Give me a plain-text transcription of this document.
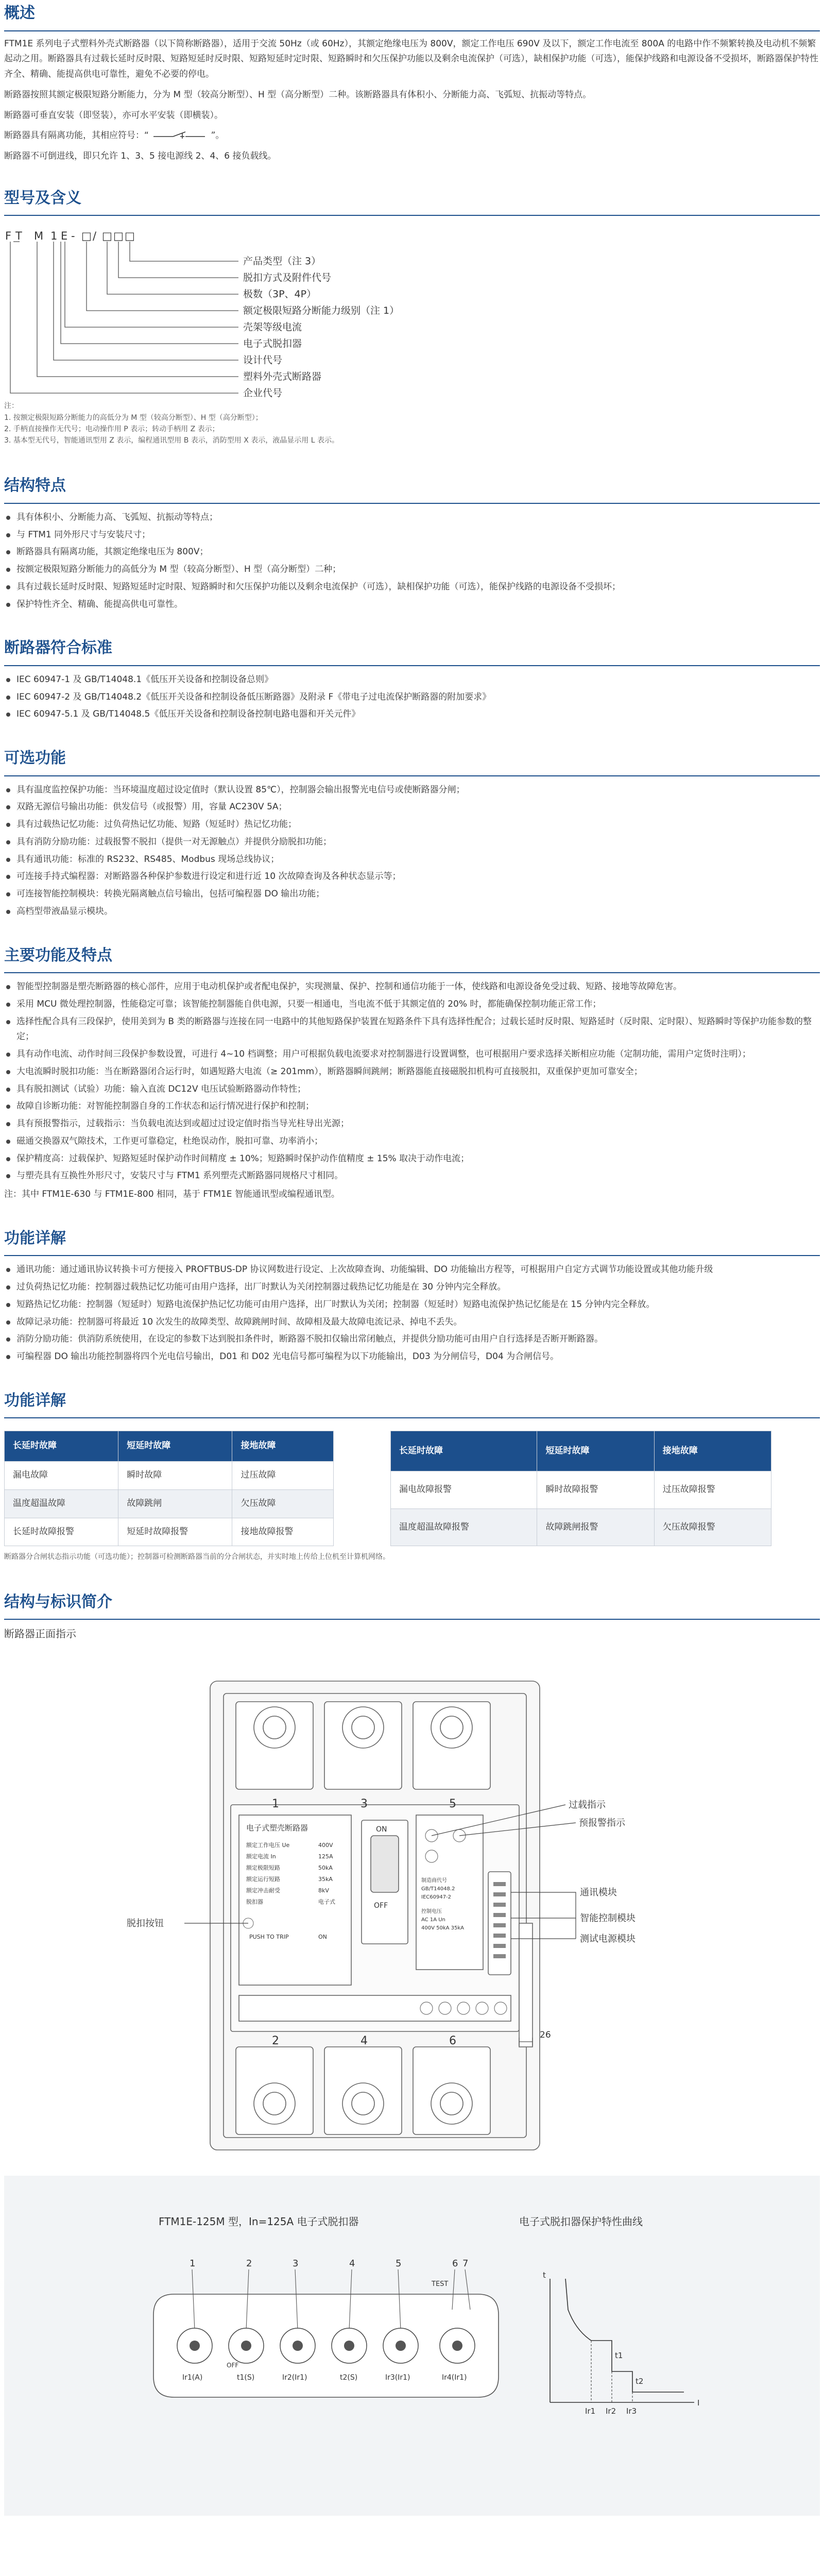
概述

FTM1E 系列电子式塑料外壳式断路器（以下简称断路器），适用于交流 50Hz（或 60Hz），其额定绝缘电压为 800V，额定工作电压 690V 及以下，额定工作电流至 800A 的电路中作不频繁转换及电动机不频繁起动之用。断路器具有过载长延时反时限、短路短延时反时限、短路短延时定时限、短路瞬时和欠压保护功能以及剩余电流保护（可选），缺相保护功能（可选），能保护线路和电源设备不受损坏，断路器保护特性齐全、精确、能提高供电可靠性，避免不必要的停电。

断路器按照其额定极限短路分断能力，分为 M 型（较高分断型）、H 型（高分断型）二种。该断路器具有体积小、分断能力高、飞弧短、抗振动等特点。

断路器可垂直安装（即竖装），亦可水平安装（即横装）。

断路器具有隔离功能，其相应符号：“	”。

断路器不可倒进线，即只允许 1、3、5 接电源线 2、4、6 接负载线。

型号及含义
F T M 1 E - □ / □ □ □
产品类型（注 3）
脱扣方式及附件代号
极数（3P、4P）
额定极限短路分断能力级别（注 1）
壳架等级电流
电子式脱扣器
设计代号
塑料外壳式断路器
企业代号
注：
1. 按额定极限短路分断能力的高低分为 M 型（较高分断型）、H 型（高分断型）；
2. 手柄直接操作无代号；电动操作用 P 表示；转动手柄用 Z 表示；
3. 基本型无代号，智能通讯型用 Z 表示，编程通讯型用 B 表示，消防型用 X 表示，液晶显示用 L 表示。
结构特点
具有体积小、分断能力高、飞弧短、抗振动等特点；
与 FTM1 同外形尺寸与安装尺寸；
断路器具有隔离功能，其额定绝缘电压为 800V；
按额定极限短路分断能力的高低分为 M 型（较高分断型）、H 型（高分断型）二种；
具有过载长延时反时限、短路短延时定时限、短路瞬时和欠压保护功能以及剩余电流保护（可选），缺相保护功能（可选），能保护线路的电源设备不受损坏；
保护特性齐全、精确、能提高供电可靠性。
断路器符合标准
IEC 60947-1 及 GB/T14048.1《低压开关设备和控制设备总则》
IEC 60947-2 及 GB/T14048.2《低压开关设备和控制设备低压断路器》及附录 F《带电子过电流保护断路器的附加要求》
IEC 60947-5.1 及 GB/T14048.5《低压开关设备和控制设备控制电路电器和开关元件》
可选功能
具有温度监控保护功能：当环境温度超过设定值时（默认设置 85℃），控制器会输出报警光电信号或使断路器分闸；
双路无源信号输出功能：供发信号（或报警）用，容量 AC230V 5A；
具有过载热记忆功能：过负荷热记忆功能、短路（短延时）热记忆功能；
具有消防分励功能：过载报警不脱扣（提供一对无源触点）并提供分励脱扣功能；
具有通讯功能：标准的 RS232、RS485、Modbus 现场总线协议；
可连接手持式编程器：对断路器各种保护参数进行设定和进行近 10 次故障查询及各种状态显示等；
可连接智能控制模块：转换光隔离触点信号输出，包括可编程器 DO 输出功能；
高档型带液晶显示模块。
主要功能及特点
智能型控制器是塑壳断路器的核心部件，应用于电动机保护或者配电保护，实现测量、保护、控制和通信功能于一体，使线路和电源设备免受过载、短路、接地等故障危害。
采用 MCU 微处理控制器，性能稳定可靠；该智能控制器能自供电源，只要一相通电，当电流不低于其额定值的 20% 时，都能确保控制功能正常工作；
选择性配合具有三段保护，使用美到为 B 类的断路器与连接在同一电路中的其他短路保护装置在短路条件下具有选择性配合；过载长延时反时限、短路延时（反时限、定时限）、短路瞬时等保护功能参数的整定；
具有动作电流、动作时间三段保护参数设置，可进行 4~10 档调整；用户可根据负载电流要求对控制器进行设置调整，也可根据用户要求选择关断相应功能（定制功能，需用户定货时注明）；
大电流瞬时脱扣功能：当在断路器闭合运行时，如遇短路大电流（≥ 201mm），断路器瞬间跳闸；断路器能直接磁脱扣机构可直接脱扣，双重保护更加可靠安全；
具有脱扣测试（试验）功能：输入直流 DC12V 电压试验断路器动作特性；
故障自诊断功能：对智能控制器自身的工作状态和运行情况进行保护和控制；
具有预报警指示，过载指示：当负载电流达到或超过过设定值时指当导光柱导出光源；
磁通交换器双气隙技术，工作更可靠稳定，杜绝误动作，脱扣可靠、功率消小；
保护精度高：过载保护、短路短延时保护动作时间精度 ± 10%；短路瞬时保护动作值精度 ± 15% 取决于动作电流；
与塑壳具有互换性外形尺寸，安装尺寸与 FTM1 系列塑壳式断路器同规格尺寸相同。

注：其中 FTM1E-630 与 FTM1E-800 相同，基于 FTM1E 智能通讯型或编程通讯型。

功能详解
通讯功能：通过通讯协议转换卡可方便接入 PROFTBUS-DP 协议网数进行设定、上次故障查询、功能编辑、DO 功能输出方程等，可根据用户自定方式调节功能设置或其他功能升级
过负荷热记忆功能：控制器过载热记忆功能可由用户选择，出厂时默认为关闭控制器过载热记忆功能是在 30 分钟内完全释放。
短路热记忆功能：控制器（短延时）短路电流保护热记忆功能可由用户选择，出厂时默认为关闭；控制器（短延时）短路电流保护热记忆能是在 15 分钟内完全释放。
故障记录功能：控制器可将最近 10 次发生的故障类型、故障跳闸时间、故障相及最大故障电流记录、掉电不丢失。
消防分励功能：供消防系统使用，在设定的参数下达到脱扣条件时，断路器不脱扣仅输出常闭触点，并提供分励功能可由用户自行选择是否断开断路器。
可编程器 DO 输出功能控制器将四个光电信号输出，D01 和 D02 光电信号都可编程为以下功能输出，D03 为分闸信号，D04 为合闸信号。
功能详解
长延时故障	短延时故障	接地故障
漏电故障	瞬时故障	过压故障
温度超温故障	故障跳闸	欠压故障
长延时故障报警	短延时故障报警	接地故障报警
长延时故障	短延时故障	接地故障
漏电故障报警	瞬时故障报警	过压故障报警
温度超温故障报警	故障跳闸报警	欠压故障报警

断路器分合闸状态指示功能（可选功能）；控制器可检测断路器当前的分合闸状态，并实时地上传给上位机至计算机网络。

结构与标识简介
断路器正面指示
1	3	5
2	4	6
电子式塑壳断路器
额定工作电压 Ue
额定电流 In
额定极限短路
额定运行短路
额定冲击耐受
脱扣器
400V
125A
50kA
35kA
8kV
电子式
PUSH TO TRIP	ON
ON
OFF
制造商代号
GB/T14048.2
IEC60947-2
控制电压
AC 1A Un
400V 50kA 35kA
26
脱扣按钮
过载指示
预报警指示
通讯模块
智能控制模块
测试电源模块
FTM1E-125M 型，In=125A 电子式脱扣器	电子式脱扣器保护特性曲线
1	2	3	4	5	6 7
TEST
Ir1(A)	t1(S)	Ir2(Ir1)	t2(S)	Ir3(Ir1)	Ir4(Ir1)
OFF
t
I
Ir1 Ir2 Ir3
t1
t2
